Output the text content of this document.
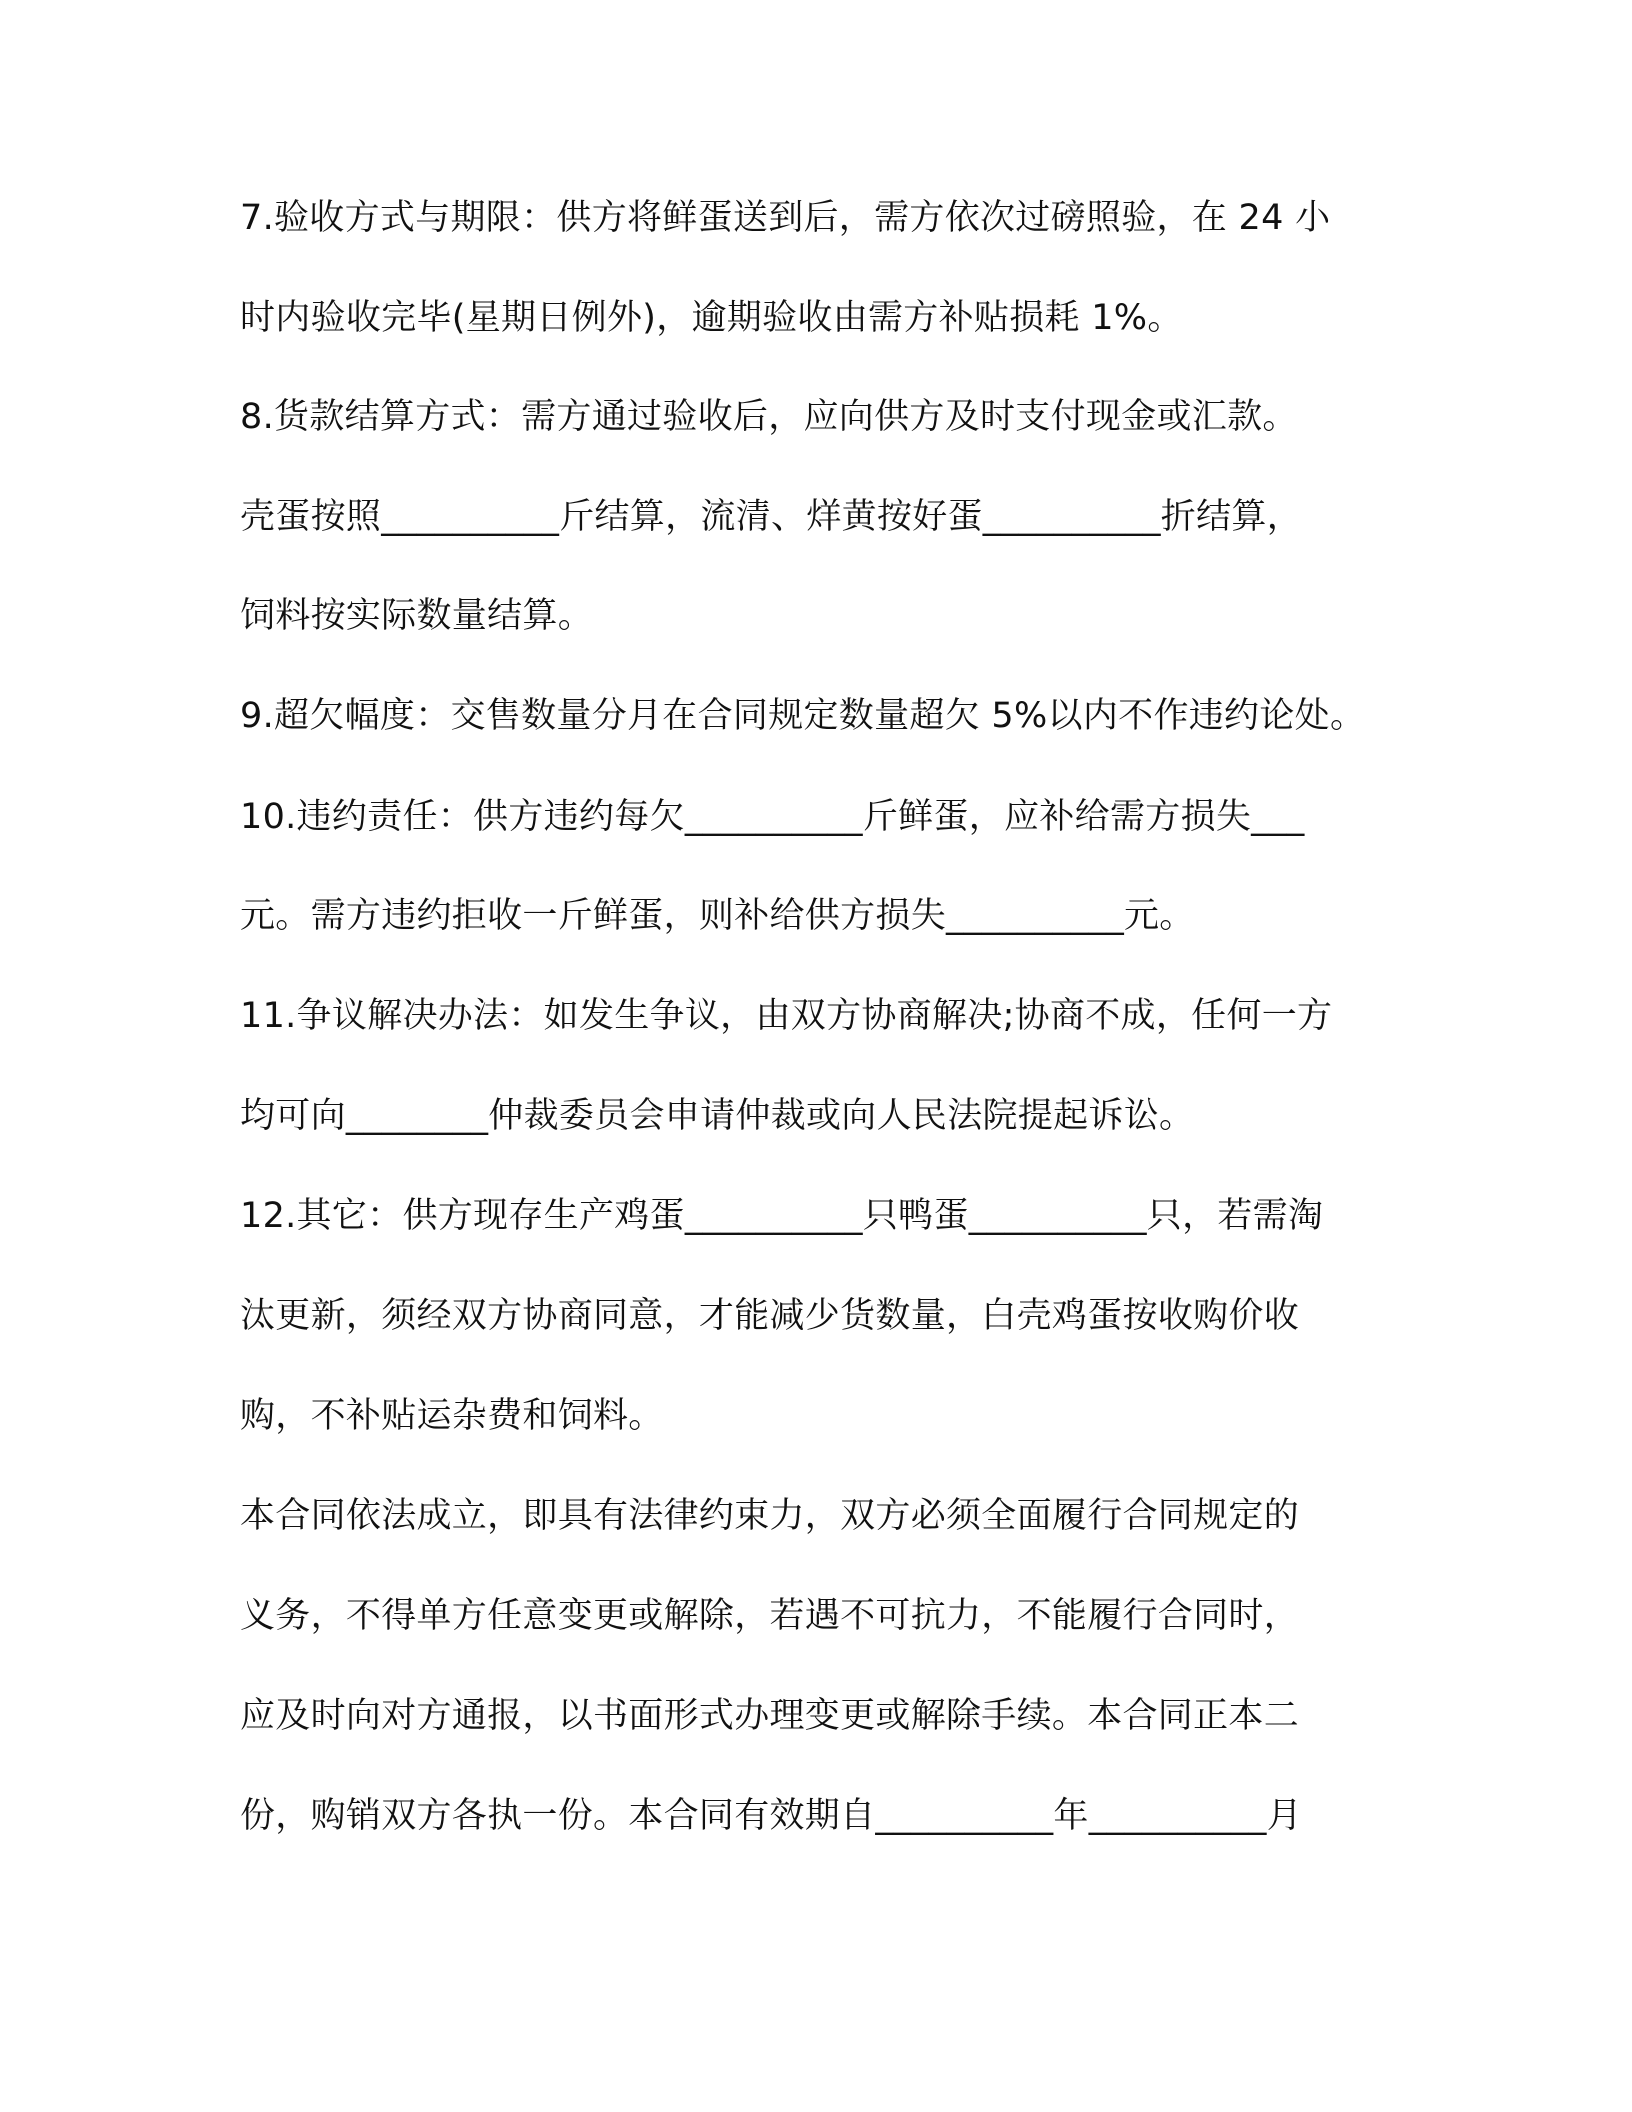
7.验收方式与期限：供方将鲜蛋送到后，需方依次过磅照验，在 24 小
时内验收完毕(星期日例外)，逾期验收由需方补贴损耗 1%。
8.货款结算方式：需方通过验收后，应向供方及时支付现金或汇款。
壳蛋按照__________斤结算，流清、烊黄按好蛋__________折结算，
饲料按实际数量结算。
9.超欠幅度：交售数量分月在合同规定数量超欠 5%以内不作违约论处。
10.违约责任：供方违约每欠__________斤鲜蛋，应补给需方损失___
元。需方违约拒收一斤鲜蛋，则补给供方损失__________元。
11.争议解决办法：如发生争议，由双方协商解决;协商不成，任何一方
均可向________仲裁委员会申请仲裁或向人民法院提起诉讼。
12.其它：供方现存生产鸡蛋__________只鸭蛋__________只，若需淘
汰更新，须经双方协商同意，才能减少货数量，白壳鸡蛋按收购价收
购，不补贴运杂费和饲料。
本合同依法成立，即具有法律约束力，双方必须全面履行合同规定的
义务，不得单方任意变更或解除，若遇不可抗力，不能履行合同时，
应及时向对方通报，以书面形式办理变更或解除手续。本合同正本二
份，购销双方各执一份。本合同有效期自__________年__________月
